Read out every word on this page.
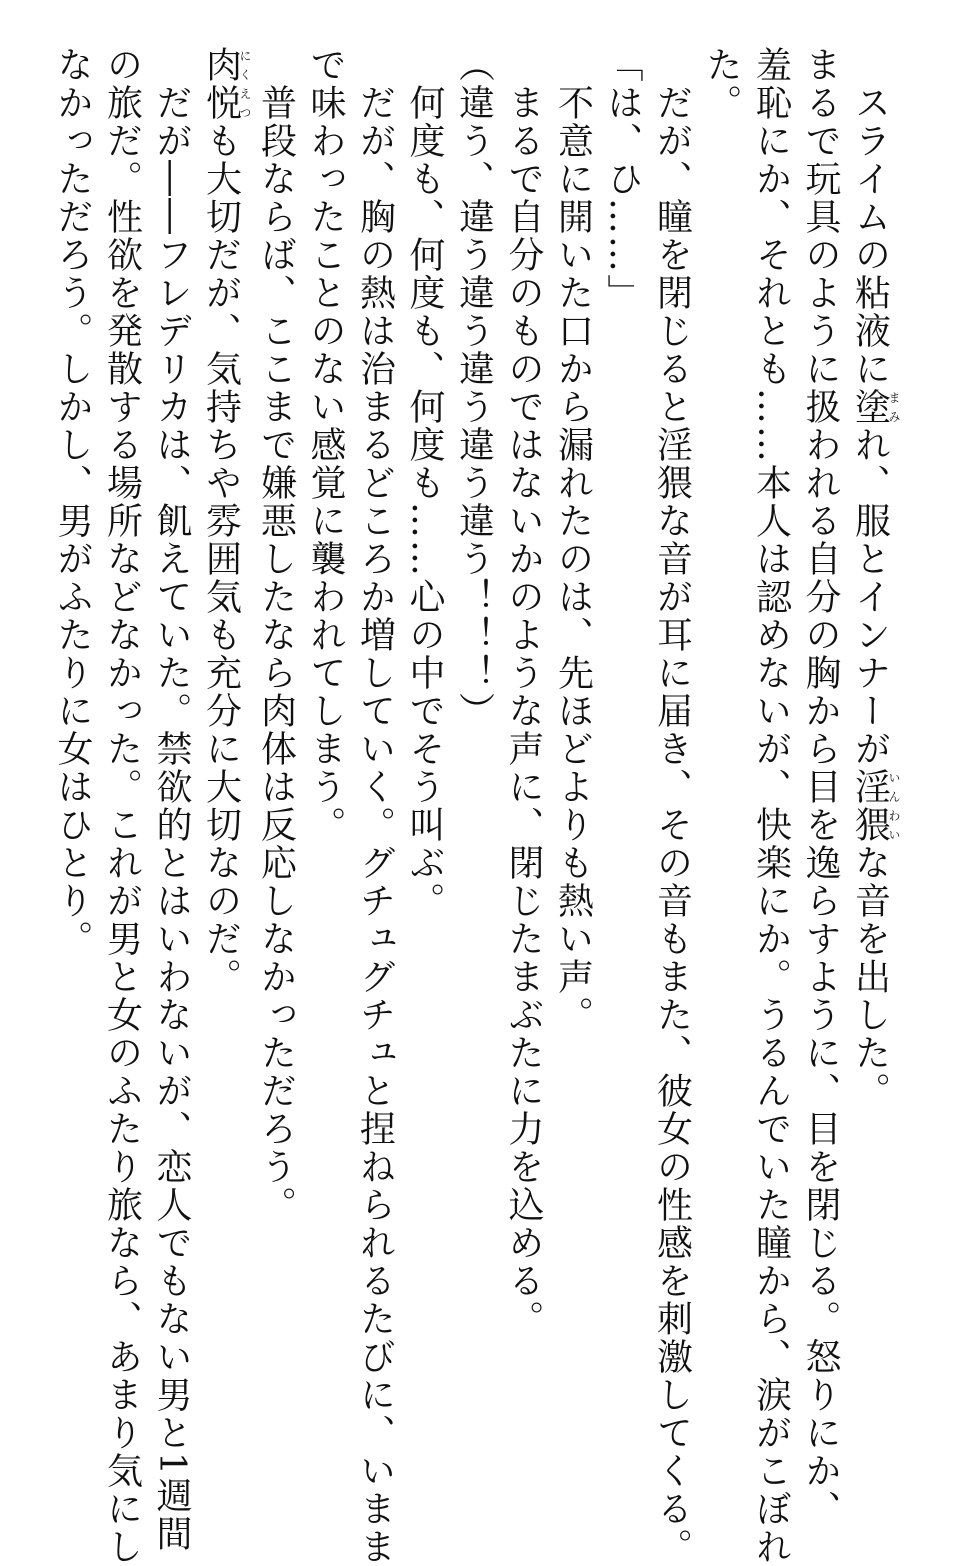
スライムの粘液に塗まみれ、服とインナーが淫猥いんわいな音を出した。
まるで玩具のように扱われる自分の胸から目を逸らすように、目を閉じる。怒りにか、
羞恥にか、それとも……本人は認めないが、快楽にか。うるんでいた瞳から、涙がこぼれ
た。
だが、瞳を閉じると淫猥な音が耳に届き、その音もまた、彼女の性感を刺激してくる。
「は、ひ……」
不意に開いた口から漏れたのは、先ほどよりも熱い声。
まるで自分のものではないかのような声に、閉じたまぶたに力を込める。
（違う、違う違う違う違う違う！！！）
何度も、何度も、何度も……心の中でそう叫ぶ。
だが、胸の熱は治まるどころか増していく。グチュグチュと捏ねられるたびに、いまま
で味わったことのない感覚に襲われてしまう。
普段ならば、ここまで嫌悪したなら肉体は反応しなかっただろう。
肉悦にくえつも大切だが、気持ちや雰囲気も充分に大切なのだ。
だが――フレデリカは、飢えていた。禁欲的とはいわないが、恋人でもない男と1週間
の旅だ。性欲を発散する場所などなかった。これが男と女のふたり旅なら、あまり気にし
なかっただろう。しかし、男がふたりに女はひとり。
